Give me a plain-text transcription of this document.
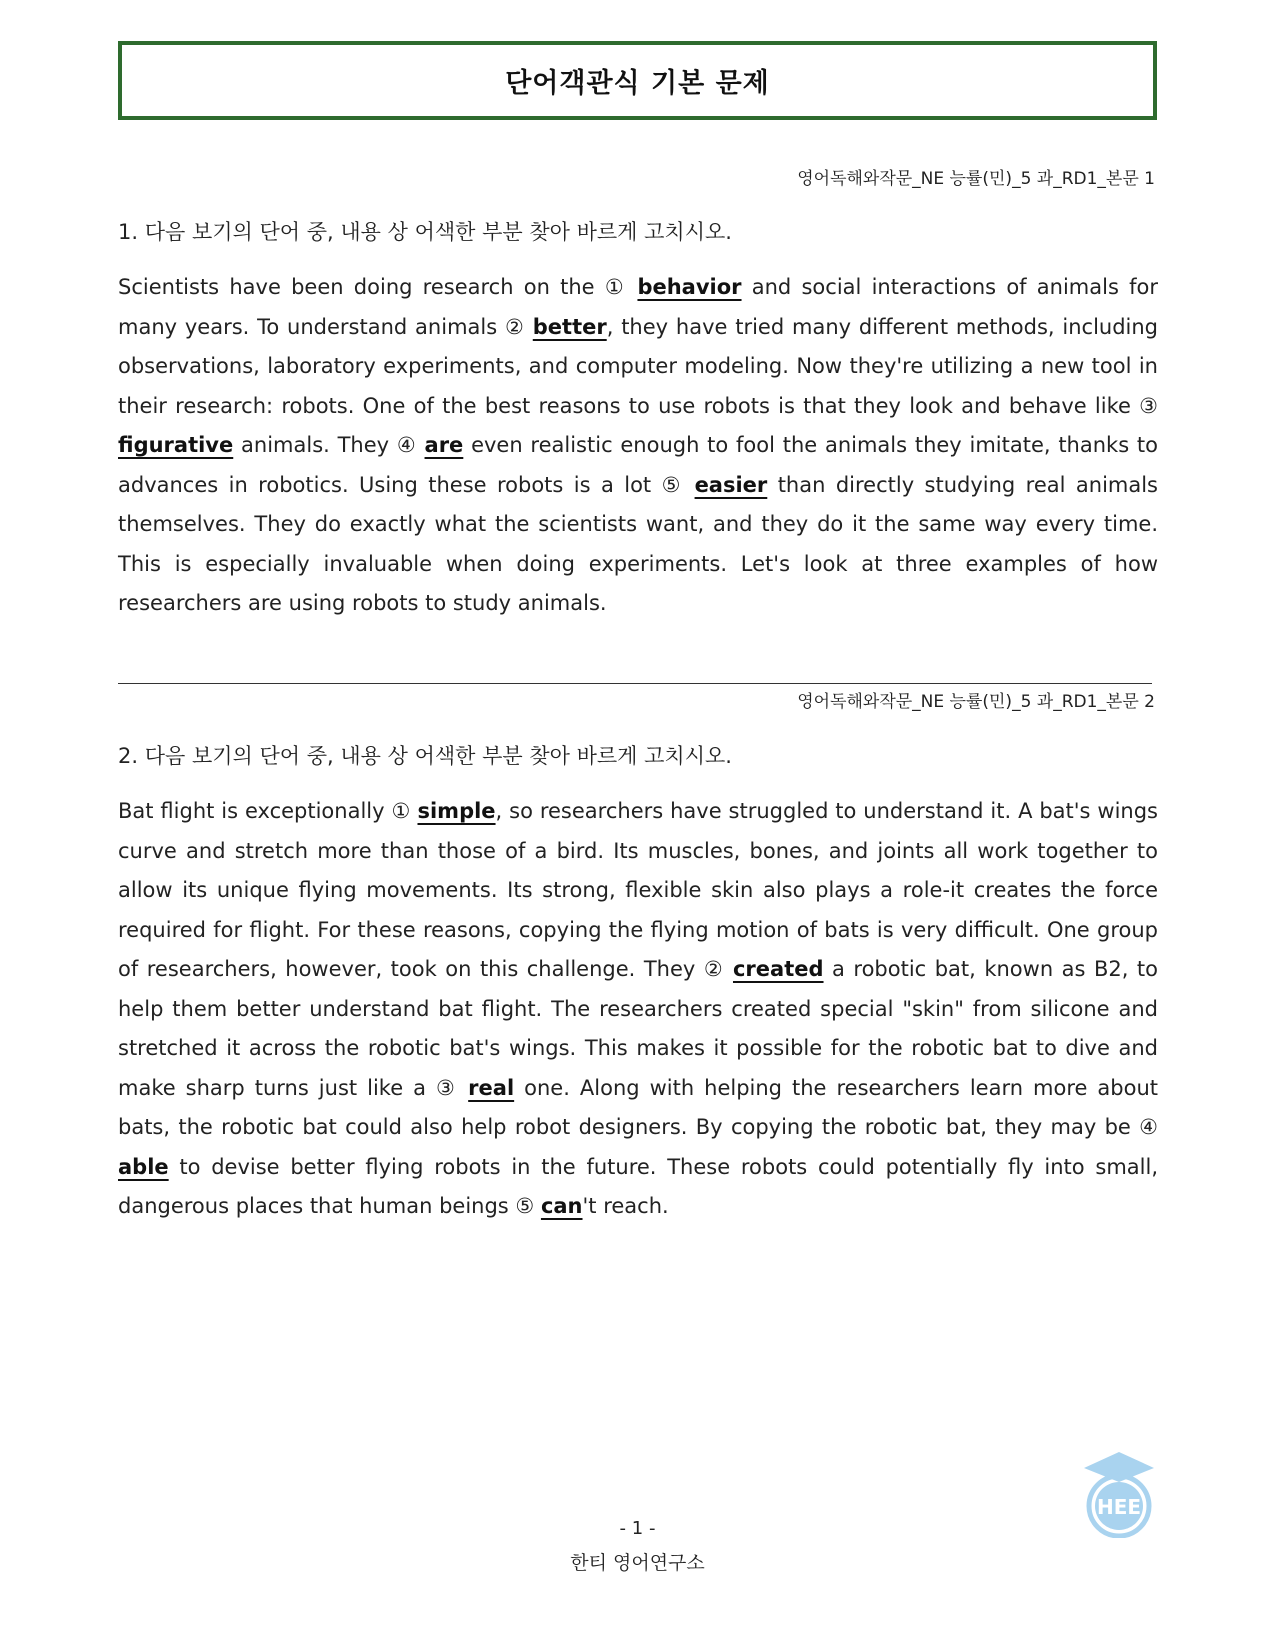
단어객관식 기본 문제
영어독해와작문_NE 능률(민)_5 과_RD1_본문 1
1. 다음 보기의 단어 중, 내용 상 어색한 부분 찾아 바르게 고치시오.
Scientists have been doing research on the ① behavior and social interactions of animals for many years. To understand animals ② better, they have tried many different methods, including observations, laboratory experiments, and computer modeling. Now they're utilizing a new tool in their research: robots. One of the best reasons to use robots is that they look and behave like ③ figurative animals. They ④ are even realistic enough to fool the animals they imitate, thanks to advances in robotics. Using these robots is a lot ⑤ easier than directly studying real animals themselves. They do exactly what the scientists want, and they do it the same way every time. This is especially invaluable when doing experiments. Let's look at three examples of how researchers are using robots to study animals.
영어독해와작문_NE 능률(민)_5 과_RD1_본문 2
2. 다음 보기의 단어 중, 내용 상 어색한 부분 찾아 바르게 고치시오.
Bat flight is exceptionally ① simple, so researchers have struggled to understand it. A bat's wings curve and stretch more than those of a bird. Its muscles, bones, and joints all work together to allow its unique flying movements. Its strong, flexible skin also plays a role-it creates the force required for flight. For these reasons, copying the flying motion of bats is very difficult. One group of researchers, however, took on this challenge. They ② created a robotic bat, known as B2, to help them better understand bat flight. The researchers created special "skin" from silicone and stretched it across the robotic bat's wings. This makes it possible for the robotic bat to dive and make sharp turns just like a ③ real one. Along with helping the researchers learn more about bats, the robotic bat could also help robot designers. By copying the robotic bat, they may be ④ able to devise better flying robots in the future. These robots could potentially fly into small, dangerous places that human beings ⑤ can't reach.
- 1 -
한티 영어연구소
HEE
